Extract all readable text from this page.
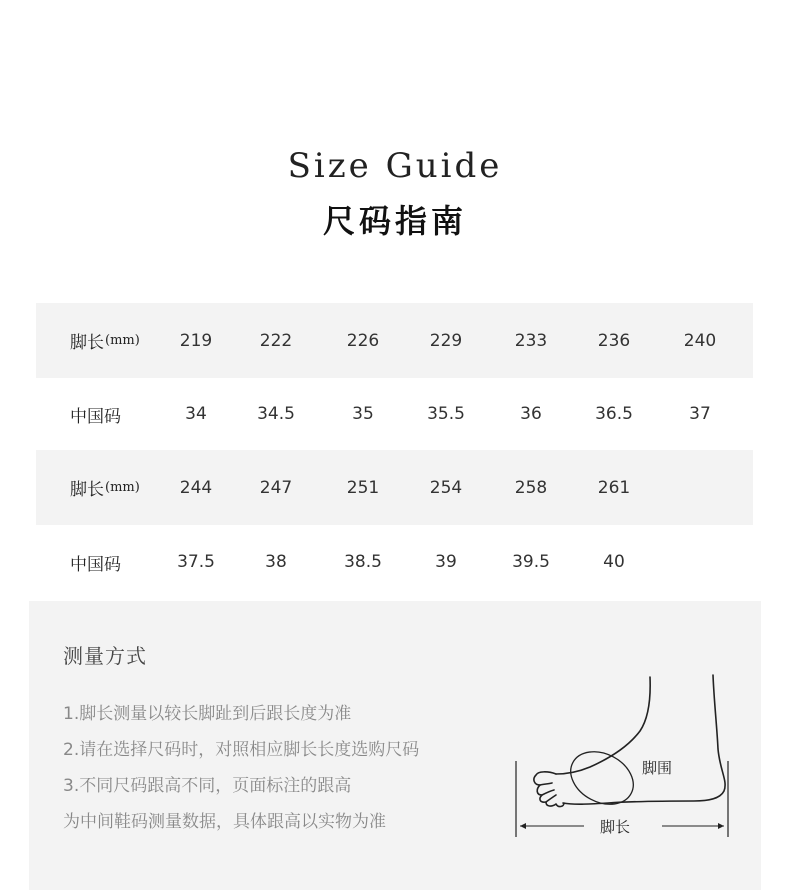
Size Guide
尺码指南
脚长 (mm)	219	222	226	229	233	236	240
中国码	34	34.5	35	35.5	36	36.5	37
脚长 (mm)	244	247	251	254	258	261
中国码	37.5	38	38.5	39	39.5	40
测量方式
1.脚长测量以较长脚趾到后跟长度为准
2.请在选择尺码时，对照相应脚长长度选购尺码
3.不同尺码跟高不同，页面标注的跟高
为中间鞋码测量数据，具体跟高以实物为准
脚围
脚长
